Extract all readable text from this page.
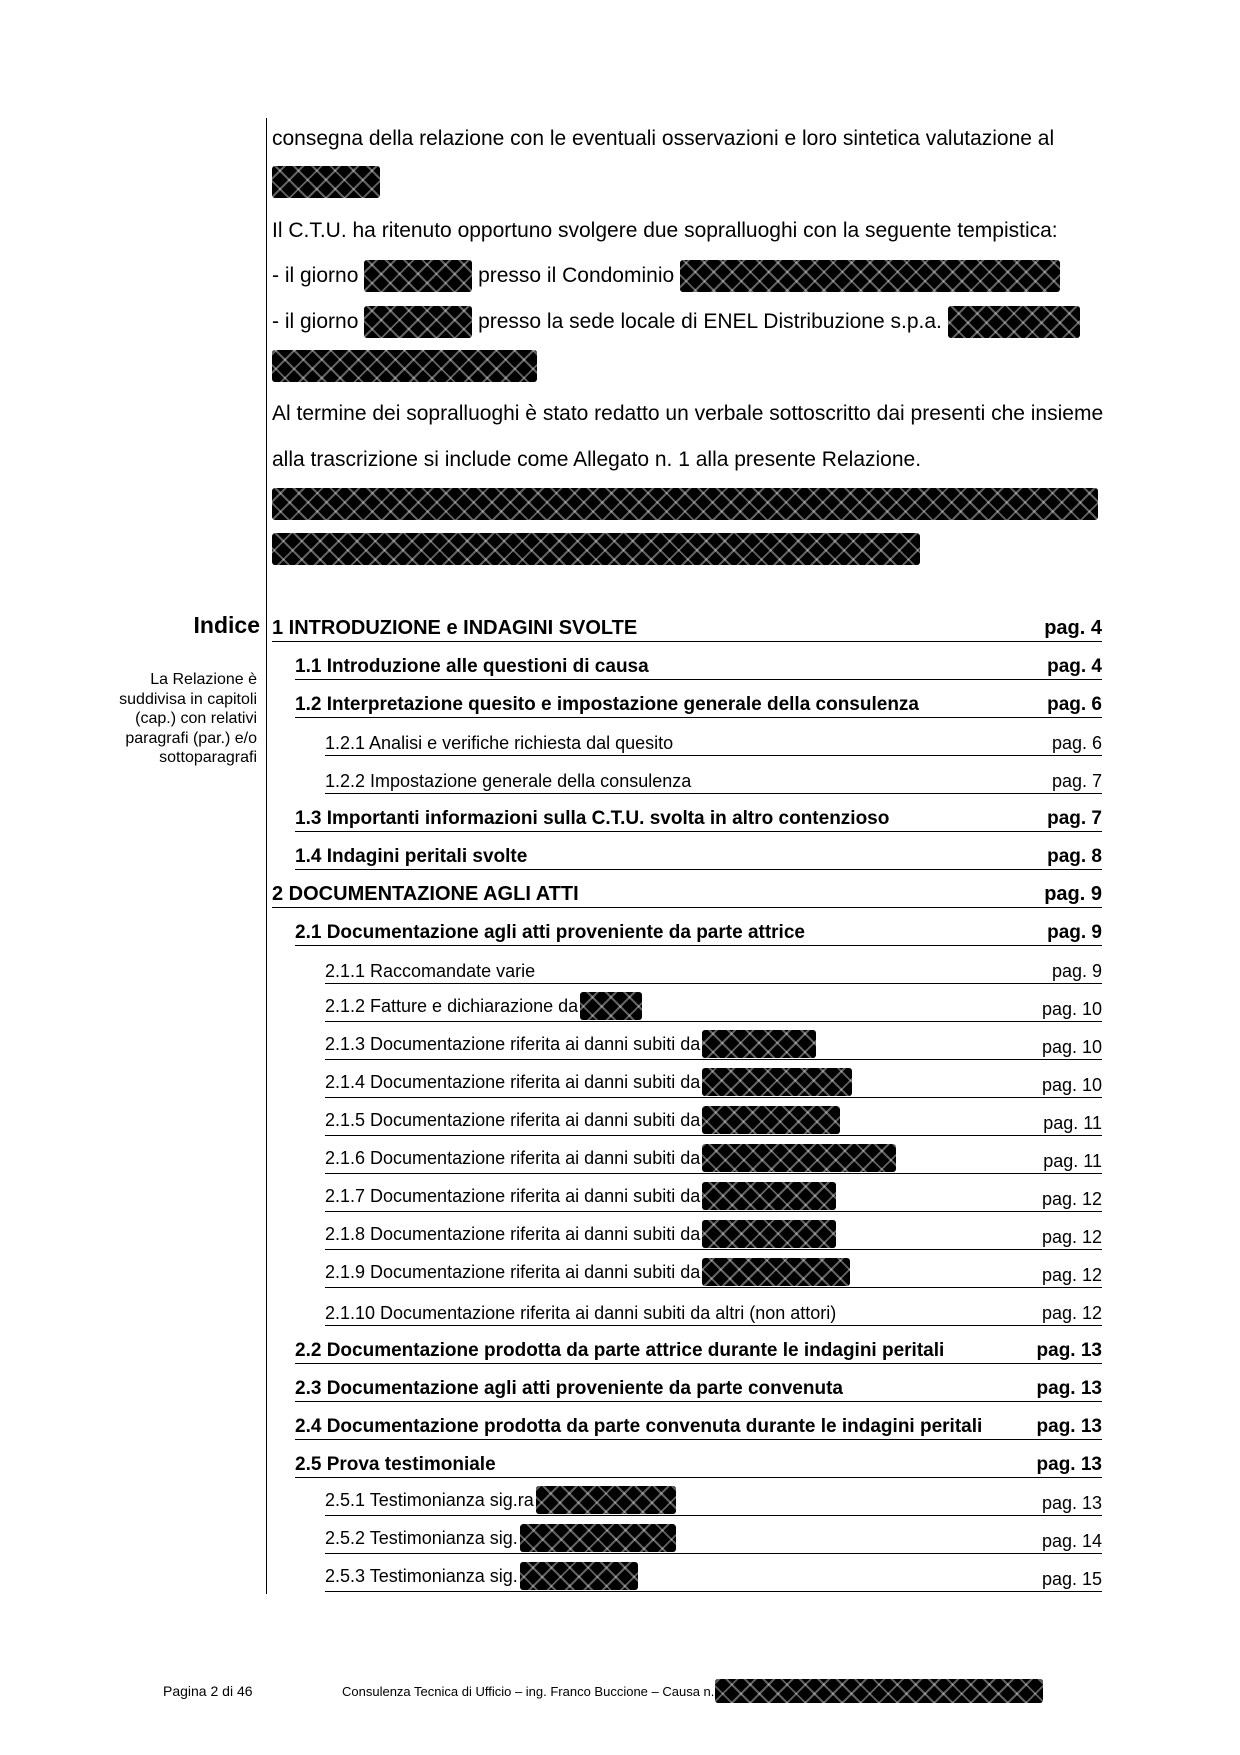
consegna della relazione con le eventuali osservazioni e loro sintetica valutazione al
Il C.T.U. ha ritenuto opportuno svolgere due sopralluoghi con la seguente tempistica:
- il giorno	presso il Condominio
- il giorno	presso la sede locale di ENEL Distribuzione s.p.a.
Al termine dei sopralluoghi è stato redatto un verbale sottoscritto dai presenti che insieme
alla trascrizione si include come Allegato n. 1 alla presente Relazione.
Indice
La Relazione è suddivisa in capitoli (cap.) con relativi paragrafi (par.) e/o sottoparagrafi
1 INTRODUZIONE e INDAGINI SVOLTE	pag. 4
1.1 Introduzione alle questioni di causa	pag. 4
1.2 Interpretazione quesito e impostazione generale della consulenza	pag. 6
1.2.1 Analisi e verifiche richiesta dal quesito	pag. 6
1.2.2 Impostazione generale della consulenza	pag. 7
1.3 Importanti informazioni sulla C.T.U. svolta in altro contenzioso	pag. 7
1.4 Indagini peritali svolte	pag. 8
2 DOCUMENTAZIONE AGLI ATTI	pag. 9
2.1 Documentazione agli atti proveniente da parte attrice	pag. 9
2.1.1 Raccomandate varie	pag. 9
2.1.2 Fatture e dichiarazione da	pag. 10
2.1.3 Documentazione riferita ai danni subiti da	pag. 10
2.1.4 Documentazione riferita ai danni subiti da	pag. 10
2.1.5 Documentazione riferita ai danni subiti da	pag. 11
2.1.6 Documentazione riferita ai danni subiti da	pag. 11
2.1.7 Documentazione riferita ai danni subiti da	pag. 12
2.1.8 Documentazione riferita ai danni subiti da	pag. 12
2.1.9 Documentazione riferita ai danni subiti da	pag. 12
2.1.10 Documentazione riferita ai danni subiti da altri (non attori)	pag. 12
2.2 Documentazione prodotta da parte attrice durante le indagini peritali	pag. 13
2.3 Documentazione agli atti proveniente da parte convenuta	pag. 13
2.4 Documentazione prodotta da parte convenuta durante le indagini peritali	pag. 13
2.5 Prova testimoniale	pag. 13
2.5.1 Testimonianza sig.ra	pag. 13
2.5.2 Testimonianza sig.	pag. 14
2.5.3 Testimonianza sig.	pag. 15
Pagina 2 di 46	Consulenza Tecnica di Ufficio – ing. Franco Buccione – Causa n.
